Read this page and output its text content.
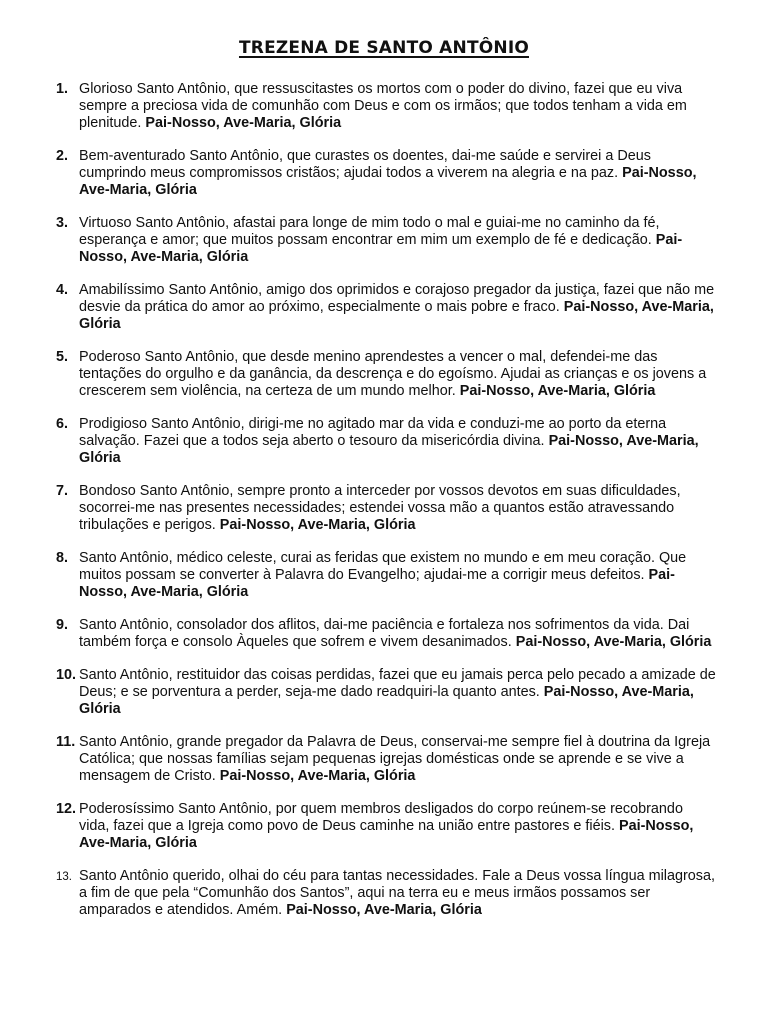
TREZENA DE SANTO ANTÔNIO
1. Glorioso Santo Antônio, que ressuscitastes os mortos com o poder do divino, fazei que eu viva sempre a preciosa vida de comunhão com Deus e com os irmãos; que todos tenham a vida em plenitude. Pai-Nosso, Ave-Maria, Glória
2. Bem-aventurado Santo Antônio, que curastes os doentes, dai-me saúde e servirei a Deus cumprindo meus compromissos cristãos; ajudai todos a viverem na alegria e na paz. Pai-Nosso, Ave-Maria, Glória
3. Virtuoso Santo Antônio, afastai para longe de mim todo o mal e guiai-me no caminho da fé, esperança e amor; que muitos possam encontrar em mim um exemplo de fé e dedicação. Pai-Nosso, Ave-Maria, Glória
4. Amabilíssimo Santo Antônio, amigo dos oprimidos e corajoso pregador da justiça, fazei que não me desvie da prática do amor ao próximo, especialmente o mais pobre e fraco. Pai-Nosso, Ave-Maria, Glória
5. Poderoso Santo Antônio, que desde menino aprendestes a vencer o mal, defendei-me das tentações do orgulho e da ganância, da descrença e do egoísmo. Ajudai as crianças e os jovens a crescerem sem violência, na certeza de um mundo melhor. Pai-Nosso, Ave-Maria, Glória
6. Prodigioso Santo Antônio, dirigi-me no agitado mar da vida e conduzi-me ao porto da eterna salvação. Fazei que a todos seja aberto o tesouro da misericórdia divina. Pai-Nosso, Ave-Maria, Glória
7. Bondoso Santo Antônio, sempre pronto a interceder por vossos devotos em suas dificuldades, socorrei-me nas presentes necessidades; estendei vossa mão a quantos estão atravessando tribulações e perigos. Pai-Nosso, Ave-Maria, Glória
8. Santo Antônio, médico celeste, curai as feridas que existem no mundo e em meu coração. Que muitos possam se converter à Palavra do Evangelho; ajudai-me a corrigir meus defeitos. Pai-Nosso, Ave-Maria, Glória
9. Santo Antônio, consolador dos aflitos, dai-me paciência e fortaleza nos sofrimentos da vida. Dai também força e consolo Àqueles que sofrem e vivem desanimados. Pai-Nosso, Ave-Maria, Glória
10. Santo Antônio, restituidor das coisas perdidas, fazei que eu jamais perca pelo pecado a amizade de Deus; e se porventura a perder, seja-me dado readquiri-la quanto antes. Pai-Nosso, Ave-Maria, Glória
11. Santo Antônio, grande pregador da Palavra de Deus, conservai-me sempre fiel à doutrina da Igreja Católica; que nossas famílias sejam pequenas igrejas domésticas onde se aprende e se vive a mensagem de Cristo. Pai-Nosso, Ave-Maria, Glória
12. Poderosíssimo Santo Antônio, por quem membros desligados do corpo reúnem-se recobrando vida, fazei que a Igreja como povo de Deus caminhe na união entre pastores e fiéis. Pai-Nosso, Ave-Maria, Glória
13. Santo Antônio querido, olhai do céu para tantas necessidades. Fale a Deus vossa língua milagrosa, a fim de que pela “Comunhão dos Santos”, aqui na terra eu e meus irmãos possamos ser amparados e atendidos. Amém. Pai-Nosso, Ave-Maria, Glória
